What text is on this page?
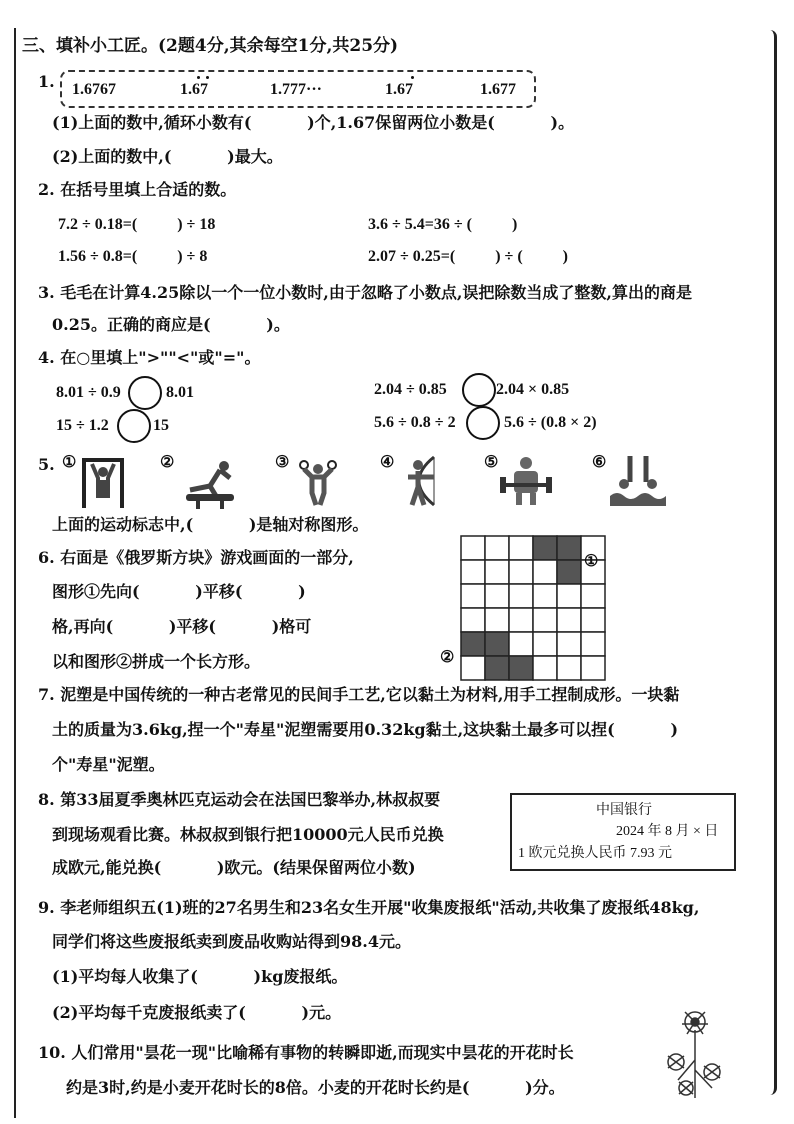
三、填补小工匠。(2题4分,其余每空1分,共25分)
1. 1.6767	1.67	1.777···	1.67	1.677
(1)上面的数中,循环小数有(          )个,1.67保留两位小数是(          )。
(2)上面的数中,(          )最大。
2. 在括号里填上合适的数。
7.2 ÷ 0.18=(          ) ÷ 18	3.6 ÷ 5.4=36 ÷ (          )
1.56 ÷ 0.8=(          ) ÷ 8	2.07 ÷ 0.25=(          ) ÷ (          )
3. 毛毛在计算4.25除以一个一位小数时,由于忽略了小数点,误把除数当成了整数,算出的商是
0.25。正确的商应是(          )。
4. 在○里填上">""<"或"="。
8.01 ÷ 0.9	8.01	2.04 ÷ 0.85	2.04 × 0.85
15 ÷ 1.2	15	5.6 ÷ 0.8 ÷ 2	5.6 ÷ (0.8 × 2)
5. ①	②	③	④	⑤	⑥
上面的运动标志中,(          )是轴对称图形。
6. 右面是《俄罗斯方块》游戏画面的一部分,
图形①先向(          )平移(          )
格,再向(          )平移(          )格可
以和图形②拼成一个长方形。
①
②
7. 泥塑是中国传统的一种古老常见的民间手工艺,它以黏土为材料,用手工捏制成形。一块黏
土的质量为3.6kg,捏一个"寿星"泥塑需要用0.32kg黏土,这块黏土最多可以捏(          )
个"寿星"泥塑。
8. 第33届夏季奥林匹克运动会在法国巴黎举办,林叔叔要
到现场观看比赛。林叔叔到银行把10000元人民币兑换
成欧元,能兑换(          )欧元。(结果保留两位小数)
中国银行
2024 年 8 月 × 日
1 欧元兑换人民币 7.93 元
9. 李老师组织五(1)班的27名男生和23名女生开展"收集废报纸"活动,共收集了废报纸48kg,
同学们将这些废报纸卖到废品收购站得到98.4元。
(1)平均每人收集了(          )kg废报纸。
(2)平均每千克废报纸卖了(          )元。
10. 人们常用"昙花一现"比喻稀有事物的转瞬即逝,而现实中昙花的开花时长
约是3时,约是小麦开花时长的8倍。小麦的开花时长约是(          )分。
